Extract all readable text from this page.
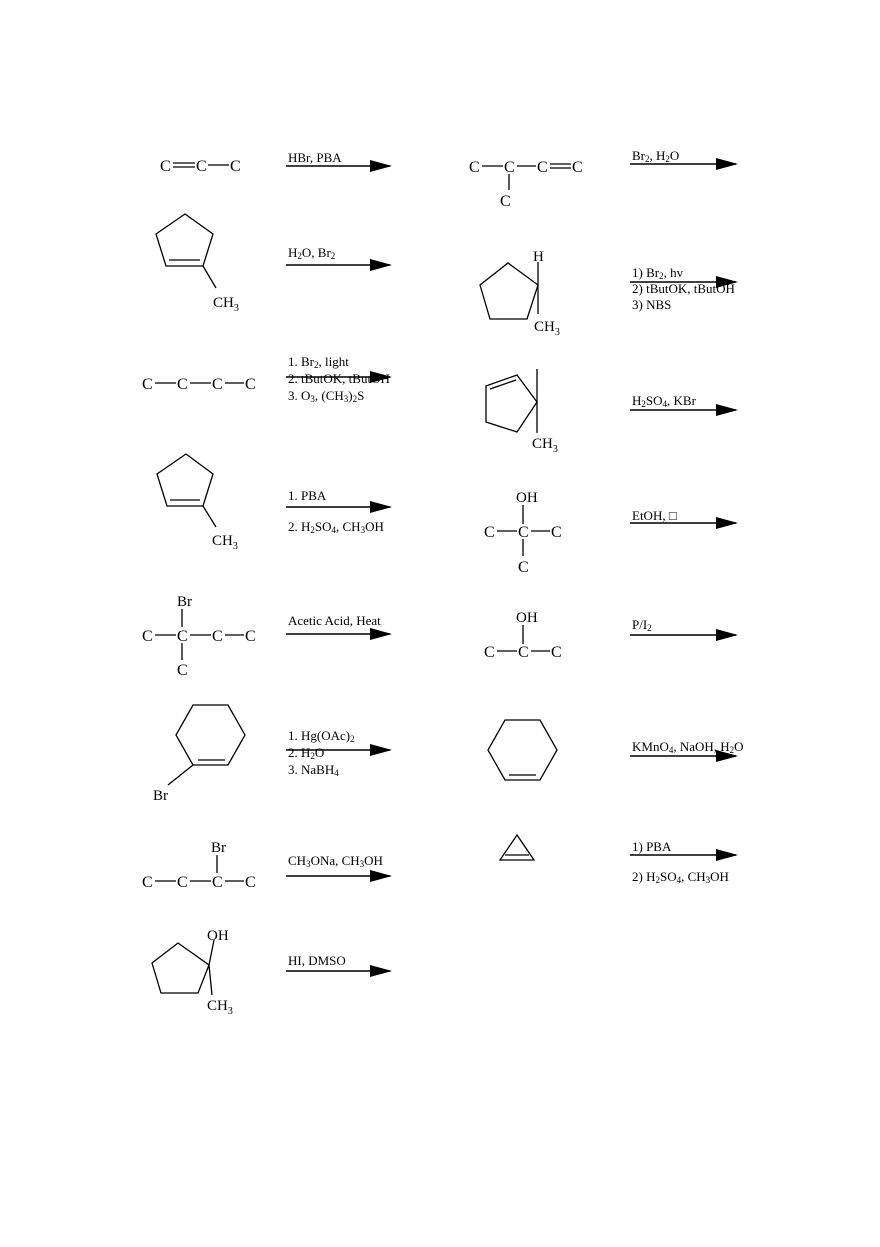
C C C	C C C C
C
$CH_3$
H
$CH_3$
C C C C
$CH_3$
$CH_3$
OH
C C C
C
Br
C C C C
C
OH
C C C
Br
Br
C C C C
OH
$CH_3$
HBr, PBA	$Br_2$, $H_2O$
$H_2O$, $Br_2$
1) $Br_2$, hv
2) tButOK, tButOH
3) NBS
1. $Br_2$, light
2. tButOK, tButOH
3. $O_3$, $(CH_3)_2S$	$H_2SO_4$, KBr
1. PBA
2. $H_2SO_4$, $CH_3OH$
EtOH, □
Acetic Acid, Heat	$P/I_2$
1. $Hg(OAc)_2$
2. $H_2O$
3. NaBH$_4$
KMnO$_4$, NaOH, $H_2O$
$CH_3ONa$, $CH_3OH$
1) PBA
2) $H_2SO_4$, $CH_3OH$
HI, DMSO
